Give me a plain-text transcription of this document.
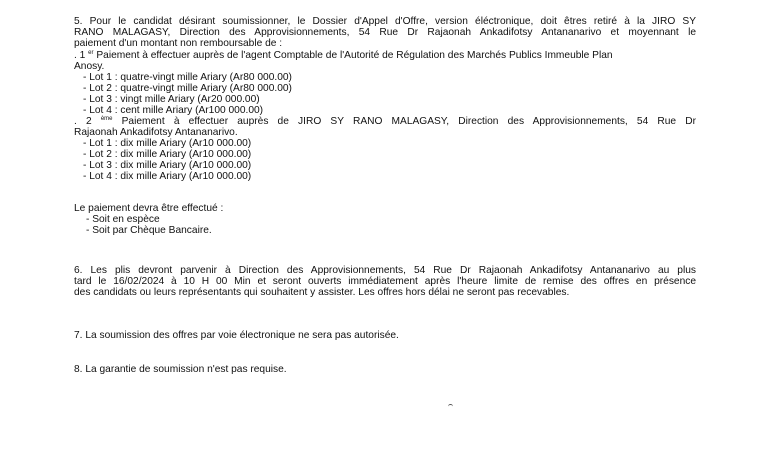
5. Pour le candidat désirant soumissionner, le Dossier d'Appel d'Offre, version éléctronique, doit êtres retiré à la JIRO SY
RANO MALAGASY, Direction des Approvisionnements, 54 Rue Dr Rajaonah Ankadifotsy Antananarivo et moyennant le
paiement d'un montant non remboursable de :
. 1 $^{er}$ Paiement à effectuer auprès de l'agent Comptable de l'Autorité de Régulation des Marchés Publics Immeuble Plan
Anosy.
- Lot 1 : quatre-vingt mille Ariary (Ar80 000.00)
- Lot 2 : quatre-vingt mille Ariary (Ar80 000.00)
- Lot 3 : vingt mille Ariary (Ar20 000.00)
- Lot 4 : cent mille Ariary (Ar100 000.00)
. 2 $^{ème}$ Paiement à effectuer auprès de JIRO SY RANO MALAGASY, Direction des Approvisionnements, 54 Rue Dr
Rajaonah Ankadifotsy Antananarivo.
- Lot 1 : dix mille Ariary (Ar10 000.00)
- Lot 2 : dix mille Ariary (Ar10 000.00)
- Lot 3 : dix mille Ariary (Ar10 000.00)
- Lot 4 : dix mille Ariary (Ar10 000.00)
Le paiement devra être effectué :
- Soit en espèce
- Soit par Chèque Bancaire.
6. Les plis devront parvenir à Direction des Approvisionnements, 54 Rue Dr Rajaonah Ankadifotsy Antananarivo au plus
tard le 16/02/2024 à 10 H 00 Min et seront ouverts immédiatement après l'heure limite de remise des offres en présence
des candidats ou leurs représentants qui souhaitent y assister. Les offres hors délai ne seront pas recevables.
7. La soumission des offres par voie électronique ne sera pas autorisée.
8. La garantie de soumission n'est pas requise.
